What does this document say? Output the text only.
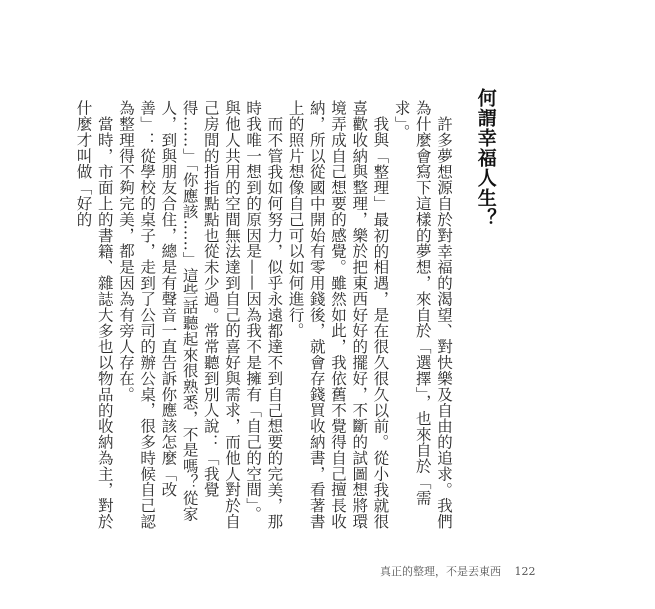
何謂幸福人生？

許多夢想源自於對幸福的渴望、對快樂及自由的追求。我們為什麼會寫下這樣的夢想，來自於「選擇」，也來自於「需求」。

我與「整理」最初的相遇，是在很久很久以前。從小我就很喜歡收納與整理，樂於把東西好好的擺好，不斷的試圖想將環境弄成自己想要的感覺。雖然如此，我依舊不覺得自己擅長收納，所以從國中開始有零用錢後，就會存錢買收納書，看著書上的照片想像自己可以如何進行。

而不管我如何努力，似乎永遠都達不到自己想要的完美，那時我唯一想到的原因是——因為我不是擁有「自己的空間」。與他人共用的空間無法達到自己的喜好與需求，而他人對於自己房間的指指點點也從未少過。常常聽到別人說：「我覺得……」「你應該……」這些話聽起來很熟悉，不是嗎？從家人，到與朋友合住，總是有聲音一直告訴你應該怎麼「改善」：從學校的桌子，走到了公司的辦公桌，很多時候自己認為整理得不夠完美，都是因為有旁人存在。

當時，市面上的書籍、雜誌大多也以物品的收納為主，對於什麼才叫做「好的

真正的整理，不是丟東西 122
